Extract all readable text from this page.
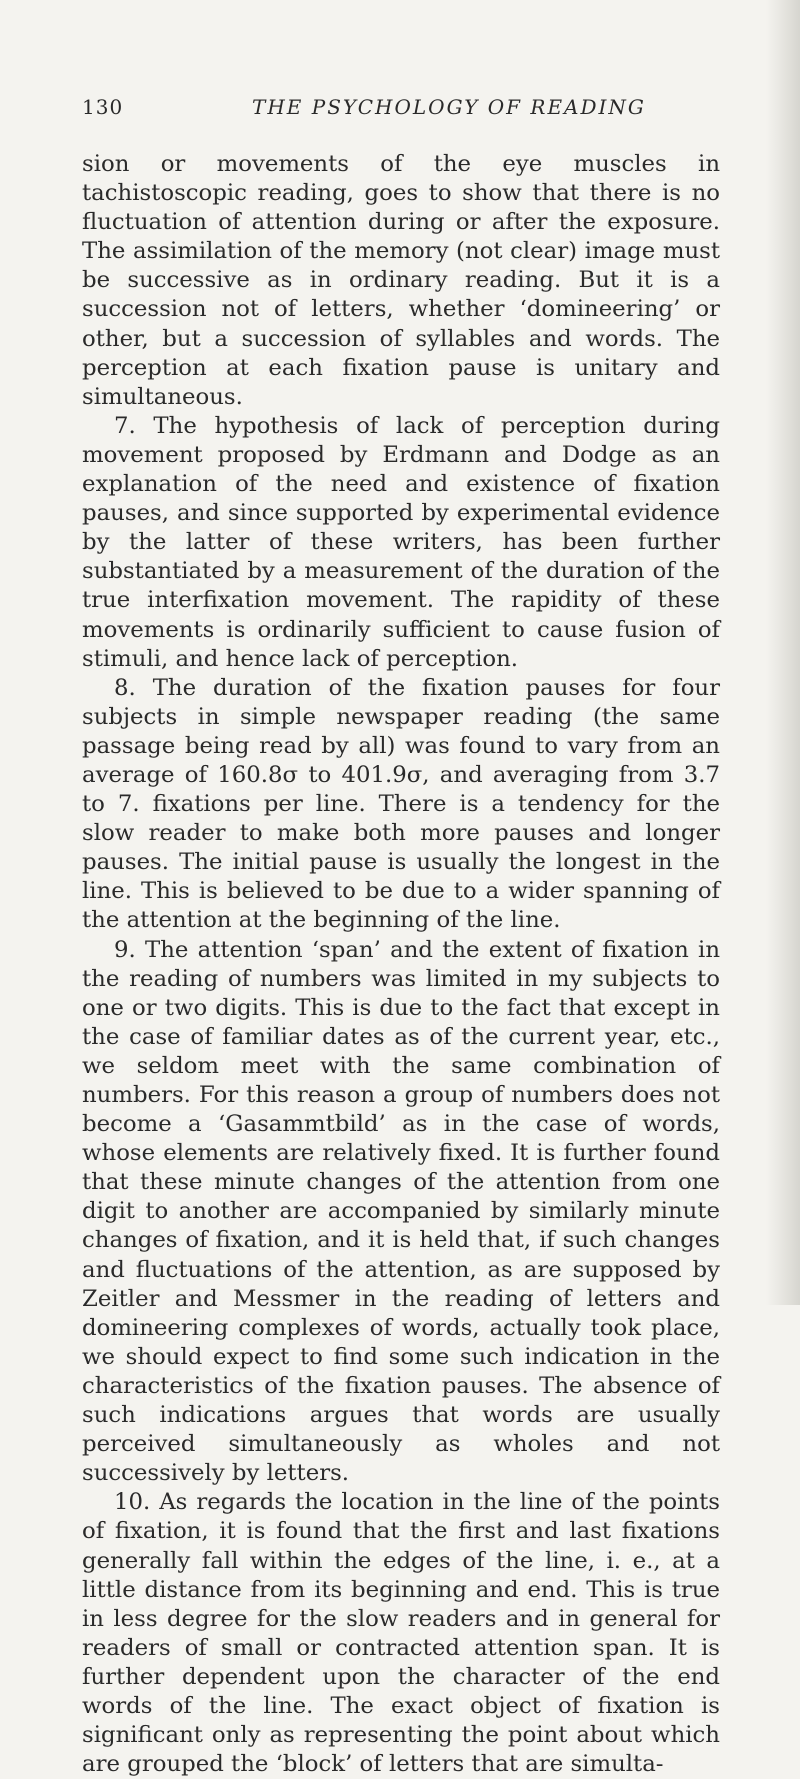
130	THE PSYCHOLOGY OF READING

sion or movements of the eye muscles in tachistoscopic reading, goes to show that there is no fluctuation of attention during or after the exposure. The assimilation of the memory (not clear) image must be successive as in ordinary reading. But it is a succession not of letters, whether ‘domineering’ or other, but a succession of syllables and words. The perception at each fixation pause is unitary and simultaneous.

7. The hypothesis of lack of perception during movement proposed by Erdmann and Dodge as an explanation of the need and existence of fixation pauses, and since supported by experimental evidence by the latter of these writers, has been further substantiated by a measurement of the duration of the true interfixation movement. The rapidity of these movements is ordinarily sufficient to cause fusion of stimuli, and hence lack of perception.

8. The duration of the fixation pauses for four subjects in simple newspaper reading (the same passage being read by all) was found to vary from an average of 160.8σ to 401.9σ, and averaging from 3.7 to 7. fixations per line. There is a tendency for the slow reader to make both more pauses and longer pauses. The initial pause is usually the longest in the line. This is believed to be due to a wider spanning of the attention at the beginning of the line.

9. The attention ‘span’ and the extent of fixation in the reading of numbers was limited in my subjects to one or two digits. This is due to the fact that except in the case of familiar dates as of the current year, etc., we seldom meet with the same combination of numbers. For this reason a group of numbers does not become a ‘Gasammtbild’ as in the case of words, whose elements are relatively fixed. It is further found that these minute changes of the attention from one digit to another are accompanied by similarly minute changes of fixation, and it is held that, if such changes and fluctuations of the attention, as are supposed by Zeitler and Messmer in the reading of letters and domineering complexes of words, actually took place, we should expect to find some such indication in the characteristics of the fixation pauses. The absence of such indications argues that words are usually perceived simultaneously as wholes and not successively by letters.

10. As regards the location in the line of the points of fixation, it is found that the first and last fixations generally fall within the edges of the line, i. e., at a little distance from its beginning and end. This is true in less degree for the slow readers and in general for readers of small or contracted attention span. It is further dependent upon the character of the end words of the line. The exact object of fixation is significant only as representing the point about which are grouped the ‘block’ of letters that are simulta-
